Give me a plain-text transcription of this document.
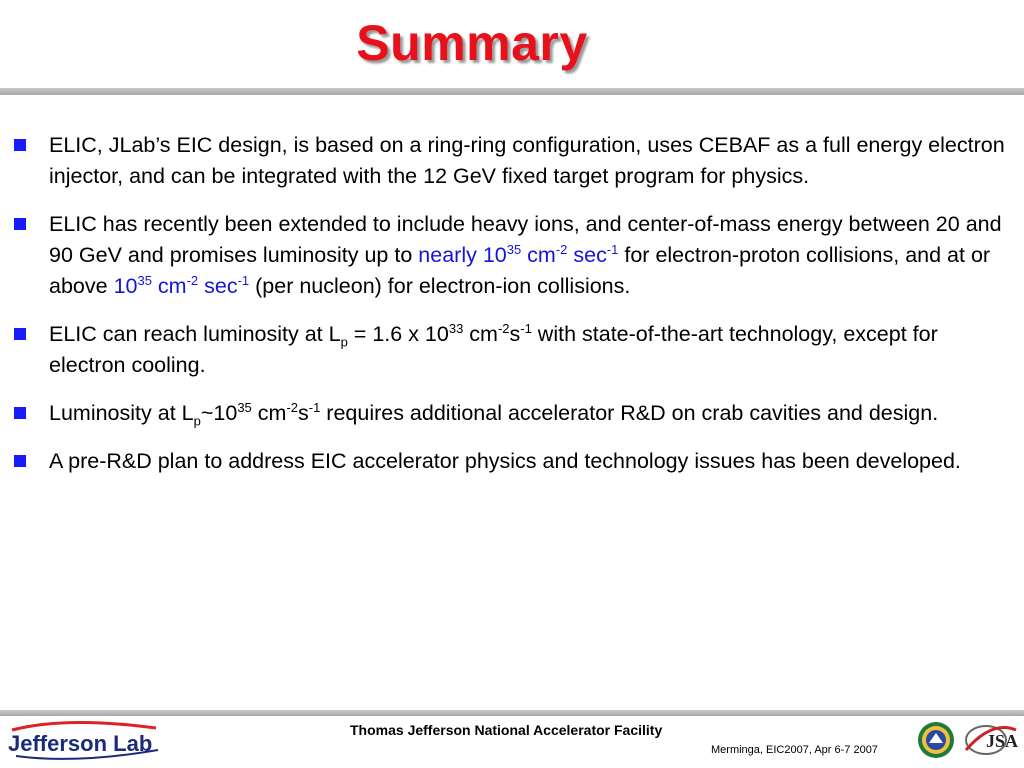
Summary
ELIC, JLab’s EIC design, is based on a ring-ring configuration, uses CEBAF as a full energy electron injector, and can be integrated with the 12 GeV fixed target program for physics.
ELIC has recently been extended to include heavy ions, and center-of-mass energy between 20 and 90 GeV and promises luminosity up to nearly $10^{35}$ $cm^{-2}$ $\sec^{-1}$ for electron-proton collisions, and at or above $10^{35}$ $cm^{-2}$ $\sec^{-1} (per$ nucleon) for electron-ion collisions.
ELIC can reach luminosity at $L_p = 1.6$ x $10^{33}$ $cm^{-2}s^{-1}$ with state-of-the-art technology, except for electron cooling.
Luminosity at $L_p\sim 10^{35}$ $cm^{-2}s^{-1}$ requires additional accelerator R&D on crab cavities and design.
A pre-R&D plan to address EIC accelerator physics and technology issues has been developed.
Jefferson Lab
Thomas Jefferson National Accelerator Facility
Merminga, EIC2007, Apr 6-7 2007	JSA
